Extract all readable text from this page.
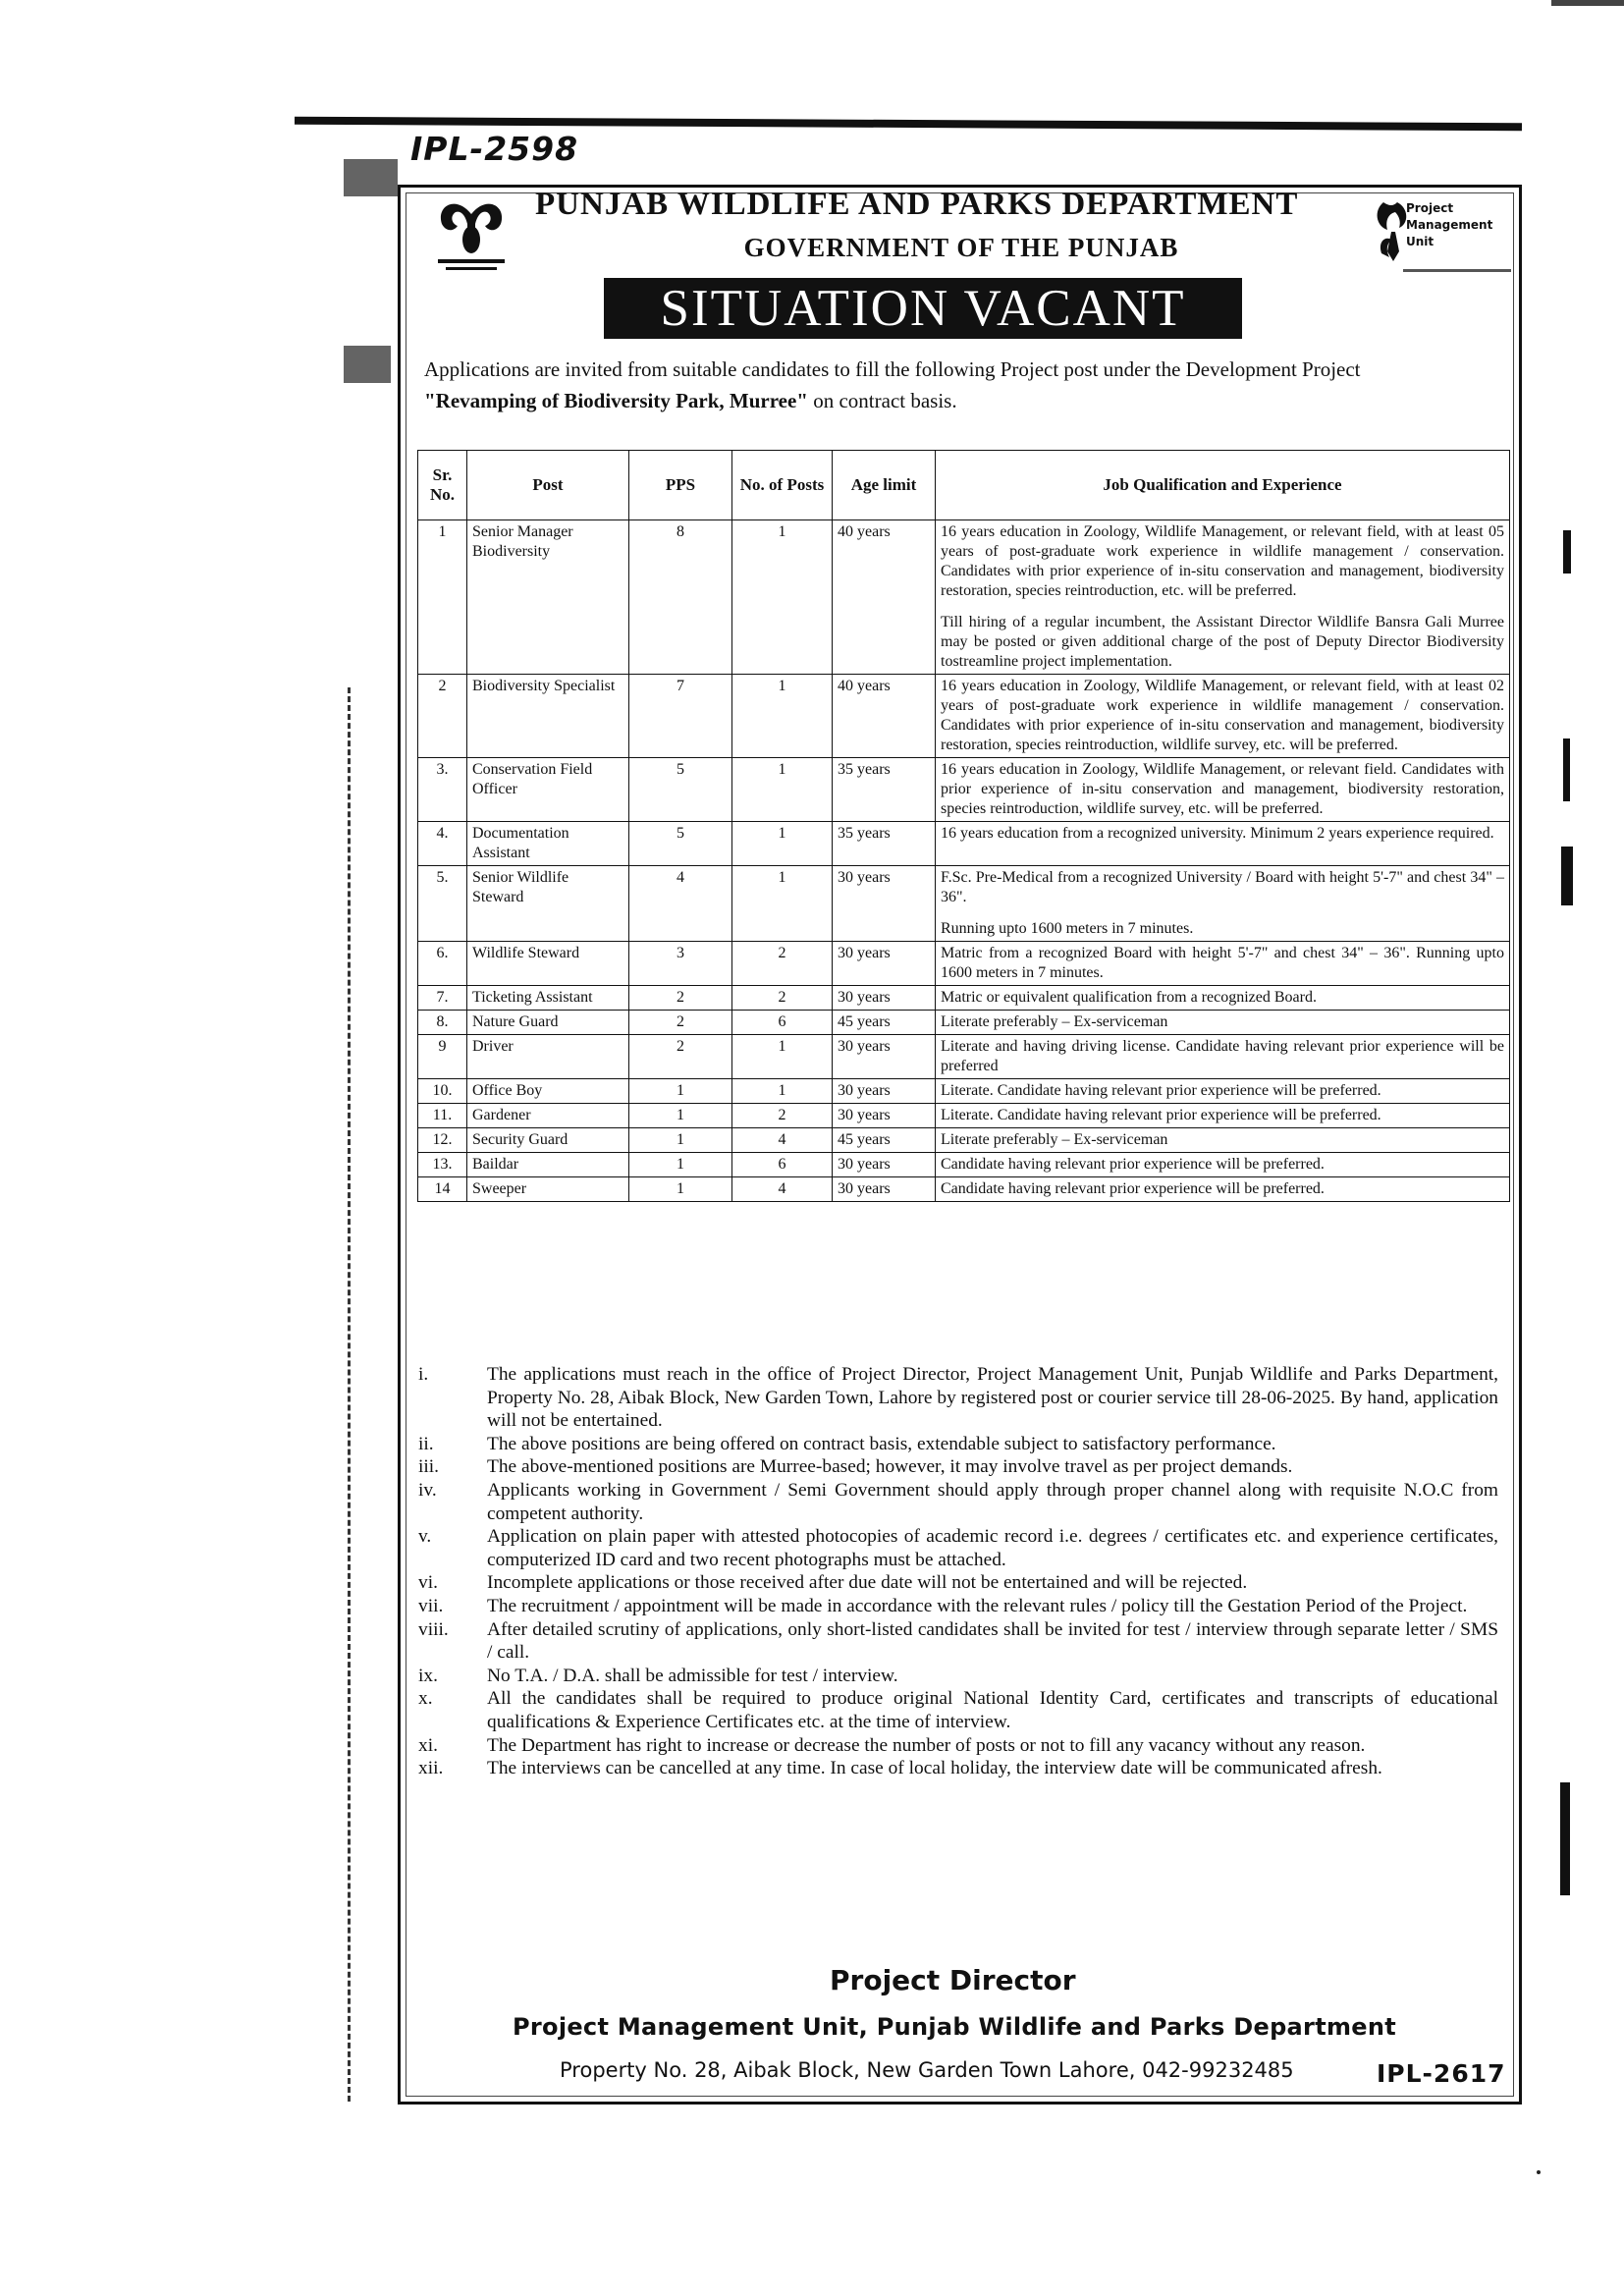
IPL-2598
Project
Management
Unit
PUNJAB WILDLIFE AND PARKS DEPARTMENT
GOVERNMENT OF THE PUNJAB
SITUATION VACANT
Applications are invited from suitable candidates to fill the following Project post under the Development Project
"Revamping of Biodiversity Park, Murree" on contract basis.
Sr. No.	Post	PPS	No. of Posts	Age limit	Job Qualification and Experience
1	Senior Manager Biodiversity	8	1	40 years	16 years education in Zoology, Wildlife Management, or relevant field, with at least 05 years of post-graduate work experience in wildlife management / conservation. Candidates with prior experience of in-situ conservation and management, biodiversity restoration, species reintroduction, etc. will be preferred.
Till hiring of a regular incumbent, the Assistant Director Wildlife Bansra Gali Murree may be posted or given additional charge of the post of Deputy Director Biodiversity tostreamline project implementation.

2	Biodiversity Specialist	7	1	40 years	16 years education in Zoology, Wildlife Management, or relevant field, with at least 02 years of post-graduate work experience in wildlife management / conservation. Candidates with prior experience of in-situ conservation and management, biodiversity restoration, species reintroduction, wildlife survey, etc. will be preferred.

3.	Conservation Field Officer	5	1	35 years	16 years education in Zoology, Wildlife Management, or relevant field. Candidates with prior experience of in-situ conservation and management, biodiversity restoration, species reintroduction, wildlife survey, etc. will be preferred.

4.	Documentation Assistant	5	1	35 years	16 years education from a recognized university. Minimum 2 years experience required.

5.	Senior Wildlife Steward	4	1	30 years	F.Sc. Pre-Medical from a recognized University / Board with height 5'-7" and chest 34" – 36".
Running upto 1600 meters in 7 minutes.

6.	Wildlife Steward	3	2	30 years	Matric from a recognized Board with height 5'-7" and chest 34" – 36". Running upto 1600 meters in 7 minutes.

7.	Ticketing Assistant	2	2	30 years	Matric or equivalent qualification from a recognized Board.

8.	Nature Guard	2	6	45 years	Literate preferably – Ex-serviceman

9	Driver	2	1	30 years	Literate and having driving license. Candidate having relevant prior experience will be preferred

10.	Office Boy	1	1	30 years	Literate. Candidate having relevant prior experience will be preferred.

11.	Gardener	1	2	30 years	Literate. Candidate having relevant prior experience will be preferred.

12.	Security Guard	1	4	45 years	Literate preferably – Ex-serviceman

13.	Baildar	1	6	30 years	Candidate having relevant prior experience will be preferred.

14	Sweeper	1	4	30 years	Candidate having relevant prior experience will be preferred.
i.	The applications must reach in the office of Project Director, Project Management Unit, Punjab Wildlife and Parks Department, Property No. 28, Aibak Block, New Garden Town, Lahore by registered post or courier service till 28-06-2025. By hand, application will not be entertained.
ii.	The above positions are being offered on contract basis, extendable subject to satisfactory performance.
iii.	The above-mentioned positions are Murree-based; however, it may involve travel as per project demands.
iv.	Applicants working in Government / Semi Government should apply through proper channel along with requisite N.O.C from competent authority.
v.	Application on plain paper with attested photocopies of academic record i.e. degrees / certificates etc. and experience certificates, computerized ID card and two recent photographs must be attached.
vi.	Incomplete applications or those received after due date will not be entertained and will be rejected.
vii.	The recruitment / appointment will be made in accordance with the relevant rules / policy till the Gestation Period of the Project.
viii.	After detailed scrutiny of applications, only short-listed candidates shall be invited for test / interview through separate letter / SMS / call.
ix.	No T.A. / D.A. shall be admissible for test / interview.
x.	All the candidates shall be required to produce original National Identity Card, certificates and transcripts of educational qualifications & Experience Certificates etc. at the time of interview.
xi.	The Department has right to increase or decrease the number of posts or not to fill any vacancy without any reason.
xii.	The interviews can be cancelled at any time. In case of local holiday, the interview date will be communicated afresh.
Project Director
Project Management Unit, Punjab Wildlife and Parks Department
Property No. 28, Aibak Block, New Garden Town Lahore, 042-99232485	IPL-2617
